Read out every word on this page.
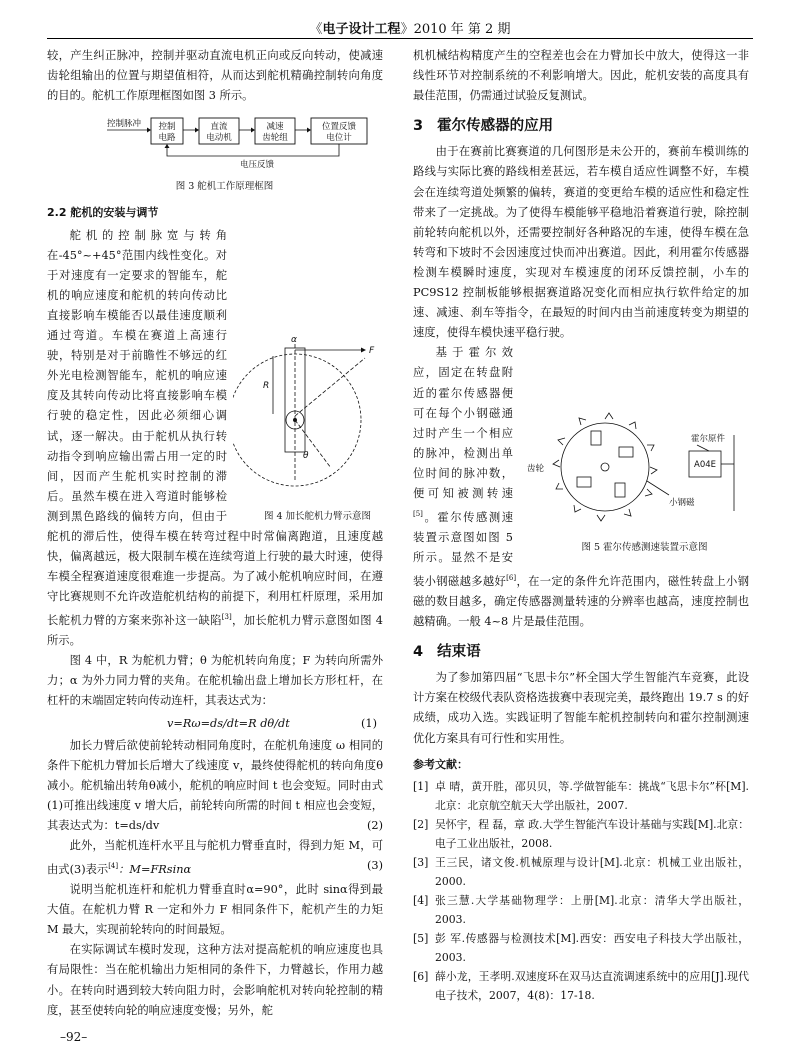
《电子设计工程》2010 年 第 2 期

较，产生纠正脉冲，控制并驱动直流电机正向或反向转动，使减速齿轮组输出的位置与期望值相符，从而达到舵机精确控制转向角度的目的。舵机工作原理框图如图 3 所示。

控制脉冲 控制
电路
直流
电动机
减速
齿轮组
位置反馈
电位计
电压反馈

图 3 舵机工作原理框图

2.2 舵机的安装与调节
α
F
R
θ

图 4 加长舵机力臂示意图

舵机的控制脉宽与转角在-45°~+45°范围内线性变化。对于对速度有一定要求的智能车，舵机的响应速度和舵机的转向传动比直接影响车模能否以最佳速度顺利通过弯道。车模在赛道上高速行驶，特别是对于前瞻性不够远的红外光电检测智能车，舵机的响应速度及其转向传动比将直接影响车模行驶的稳定性，因此必须细心调试，逐一解决。由于舵机从执行转动指令到响应输出需占用一定的时间，因而产生舵机实时控制的滞后。虽然车模在进入弯道时能够检测到黑色路线的偏转方向，但由于舵机的滞后性，使得车模在转弯过程中时常偏离跑道，且速度越快，偏离越远，极大限制车模在连续弯道上行驶的最大时速，使得车模全程赛道速度很难進一步提高。为了减小舵机响应时间，在遵守比赛规则不允许改造舵机结构的前提下，利用杠杆原理，采用加长舵机力臂的方案来弥补这一缺陷[3]，加长舵机力臂示意图如图 4 所示。

图 4 中，R 为舵机力臂；θ 为舵机转向角度；F 为转向所需外力；α 为外力同力臂的夹角。在舵机输出盘上增加长方形杠杆，在杠杆的末端固定转向传动连杆，其表达式为：

v=Rω=ds/dt=R dθ/dt	(1)

加长力臂后欲使前轮转动相同角度时，在舵机角速度 ω 相同的条件下舵机力臂加长后增大了线速度 v，最终使得舵机的转向角度θ减小。舵机输出转角θ减小，舵机的响应时间 t 也会变短。同时由式(1)可推出线速度 v 增大后，前轮转向所需的时间 t 相应也会变短，其表达式为：t=ds/dv	(2)

此外，当舵机连杆水平且与舵机力臂垂直时，得到力矩 M，可由式(3)表示[4]：M=FRsinα	(3)

说明当舵机连杆和舵机力臂垂直时α=90°，此时 sinα得到最大值。在舵机力臂 R 一定和外力 F 相同条件下，舵机产生的力矩 M 最大，实现前轮转向的时间最短。

在实际调试车模时发现，这种方法对提高舵机的响应速度也具有局限性：当在舵机输出力矩相同的条件下，力臂越长，作用力越小。在转向时遇到较大转向阻力时，会影响舵机对转向轮控制的精度，甚至使转向轮的响应速度变慢；另外，舵

机机械结构精度产生的空程差也会在力臂加长中放大，使得这一非线性环节对控制系统的不利影响增大。因此，舵机安装的高度具有最佳范围，仍需通过试验反复测试。

3 霍尔传感器的应用

由于在赛前比赛赛道的几何图形是未公开的，赛前车模训练的路线与实际比赛的路线相差甚远，若车模自适应性调整不好，车模会在连续弯道处频繁的偏转，赛道的变更给车模的适应性和稳定性带来了一定挑战。为了使得车模能够平稳地沿着赛道行驶，除控制前轮转向舵机以外，还需要控制好各种路况的车速，使得车模在急转弯和下坡时不会因速度过快而冲出赛道。因此，利用霍尔传感器检测车模瞬时速度，实现对车模速度的闭环反馈控制，小车的 PC9S12 控制板能够根据赛道路况变化而相应执行软件给定的加速、减速、刹车等指令，在最短的时间内由当前速度转变为期望的速度，使得车模快速平稳行驶。

齿轮
霍尔原件
A04E
小钢磁

图 5 霍尔传感测速装置示意图

基于霍尔效应，固定在转盘附近的霍尔传感器便可在每个小钢磁通过时产生一个相应的脉冲，检测出单位时间的脉冲数，便可知被测转速[5]。霍尔传感测速装置示意图如图 5 所示。显然不是安装小钢磁越多越好[6]，在一定的条件允许范围内，磁性转盘上小钢磁的数目越多，确定传感器测量转速的分辨率也越高，速度控制也越精确。一般 4~8 片是最佳范围。

4 结束语

为了参加第四届“飞思卡尔”杯全国大学生智能汽车竞赛，此设计方案在校级代表队资格选拔赛中表现完美，最终跑出 19.7 s 的好成绩，成功入选。实践证明了智能车舵机控制转向和霍尔控制测速优化方案具有可行性和实用性。

参考文献：
[1] 卓 晴，黄开胜，邵贝贝，等.学做智能车：挑战“飞思卡尔”杯[M].北京：北京航空航天大学出版社，2007.
[2] 吴怀宇，程 磊，章 政.大学生智能汽车设计基础与实践[M].北京：电子工业出版社，2008.
[3] 王三民，诸文俊.机械原理与设计[M].北京：机械工业出版社，2000.
[4] 张三慧.大学基础物理学：上册[M].北京：清华大学出版社，2003.
[5] 彭 军.传感器与检测技术[M].西安：西安电子科技大学出版社，2003.
[6] 薛小龙，王孝明.双速度环在双马达直流调速系统中的应用[J].现代电子技术，2007，4(8)：17-18.
–92–
